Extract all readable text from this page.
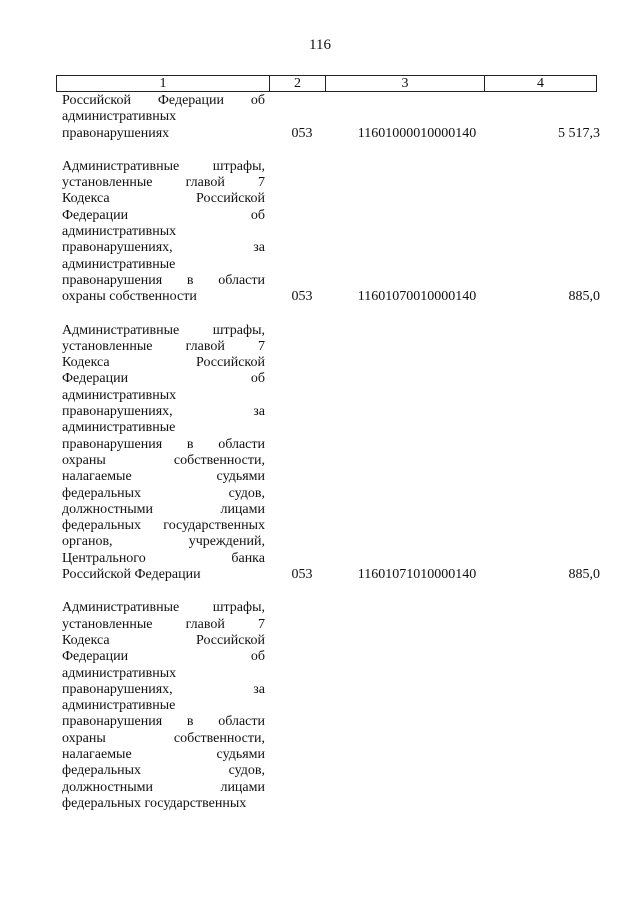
116
1	2	3	4
Российской Федерации об
административных
правонарушениях	053	11601000010000140	5 517,3
Административные штрафы,
установленные главой 7
Кодекса Российской
Федерации об
административных
правонарушениях, за
административные
правонарушения в области
охраны собственности	053	11601070010000140	885,0
Административные штрафы,
установленные главой 7
Кодекса Российской
Федерации об
административных
правонарушениях, за
административные
правонарушения в области
охраны собственности,
налагаемые судьями
федеральных судов,
должностными лицами
федеральных государственных
органов, учреждений,
Центрального банка
Российской Федерации	053	11601071010000140	885,0
Административные штрафы,
установленные главой 7
Кодекса Российской
Федерации об
административных
правонарушениях, за
административные
правонарушения в области
охраны собственности,
налагаемые судьями
федеральных судов,
должностными лицами
федеральных государственных
